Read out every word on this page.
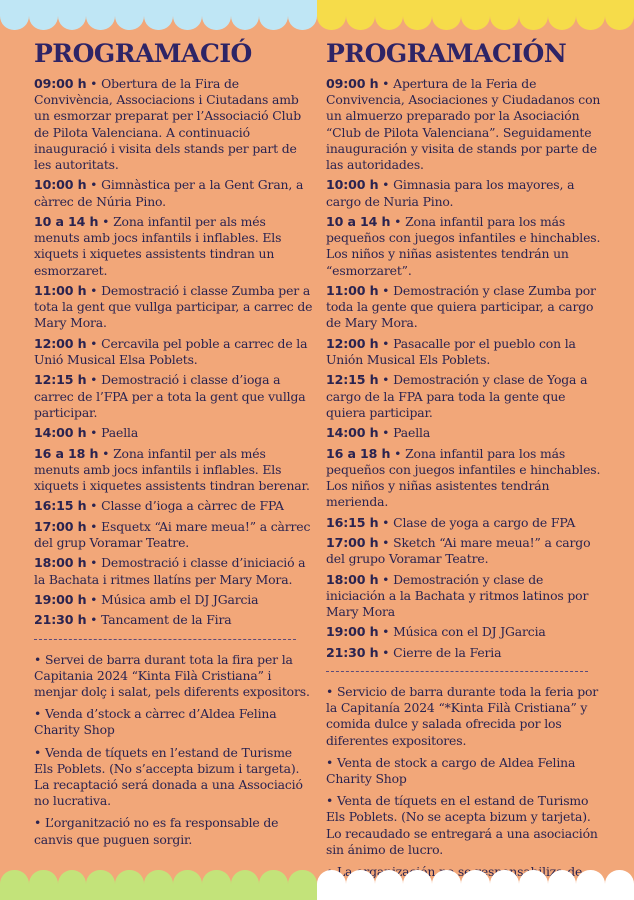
PROGRAMACIÓ

09:00 h • Obertura de la Fira de Convivència, Associacions i Ciutadans amb un esmorzar preparat per l’Associació Club de Pilota Valenciana. A continuació inauguració i visita dels stands per part de les autoritats.

10:00 h • Gimnàstica per a la Gent Gran, a càrrec de Núria Pino.

10 a 14 h • Zona infantil per als més menuts amb jocs infantils i inflables. Els xiquets i xiquetes assistents tindran un esmorzaret.

11:00 h • Demostració i classe Zumba per a tota la gent que vullga participar, a carrec de Mary Mora.

12:00 h • Cercavila pel poble a carrec de la Unió Musical Elsa Poblets.

12:15 h • Demostració i classe d’ioga a carrec de l’FPA per a tota la gent que vullga participar.

14:00 h • Paella

16 a 18 h • Zona infantil per als més menuts amb jocs infantils i inflables. Els xiquets i xiquetes assistents tindran berenar.

16:15 h • Classe d’ioga a càrrec de FPA

17:00 h • Esquetx “Ai mare meua!” a càrrec del grup Voramar Teatre.

18:00 h • Demostració i classe d’iniciació a la Bachata i ritmes llatíns per Mary Mora.

19:00 h • Música amb el DJ JGarcia

21:30 h • Tancament de la Fira

• Servei de barra durant tota la fira per la Capitania 2024 “Kinta Filà Cristiana” i menjar dolç i salat, pels diferents expositors.

• Venda d’stock a càrrec d’Aldea Felina Charity Shop

• Venda de tíquets en l’estand de Turisme Els Poblets. (No s’accepta bizum i targeta). La recaptació será donada a una Associació no lucrativa.

• L’organització no es fa responsable de canvis que puguen sorgir.

PROGRAMACIÓN

09:00 h • Apertura de la Feria de Convivencia, Asociaciones y Ciudadanos con un almuerzo preparado por la Asociación “Club de Pilota Valenciana”. Seguidamente inauguración y visita de stands por parte de las autoridades.

10:00 h • Gimnasia para los mayores, a cargo de Nuria Pino.

10 a 14 h • Zona infantil para los más pequeños con juegos infantiles e hinchables. Los niños y niñas asistentes tendrán un “esmorzaret”.

11:00 h • Demostración y clase Zumba por toda la gente que quiera participar, a cargo de Mary Mora.

12:00 h • Pasacalle por el pueblo con la Unión Musical Els Poblets.

12:15 h • Demostración y clase de Yoga a cargo de la FPA para toda la gente que quiera participar.

14:00 h • Paella

16 a 18 h • Zona infantil para los más pequeños con juegos infantiles e hinchables. Los niños y niñas asistentes tendrán merienda.

16:15 h • Clase de yoga a cargo de FPA

17:00 h • Sketch “Ai mare meua!” a cargo del grupo Voramar Teatre.

18:00 h • Demostración y clase de iniciación a la Bachata y ritmos latinos por Mary Mora

19:00 h • Música con el DJ JGarcia

21:30 h • Cierre de la Feria

• Servicio de barra durante toda la feria por la Capitanía 2024 “*Kinta Filà Cristiana” y comida dulce y salada ofrecida por los diferentes expositores.

• Venta de stock a cargo de Aldea Felina Charity Shop

• Venta de tíquets en el estand de Turismo Els Poblets. (No se acepta bizum y tarjeta). Lo recaudado se entregará a una asociación sin ánimo de lucro.

La se responsabiliza de
